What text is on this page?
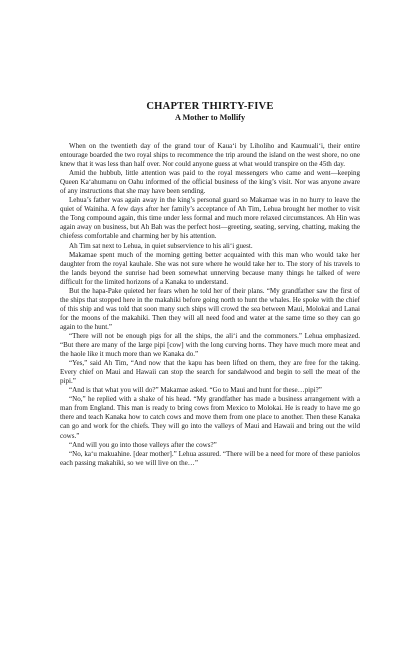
CHAPTER THIRTY-FIVE
A Mother to Mollify

When on the twentieth day of the grand tour of Kaua‘i by Liholiho and Kaumuali‘i, their entire entourage boarded the two royal ships to recommence the trip around the island on the west shore, no one knew that it was less than half over. Nor could anyone guess at what would transpire on the 45th day.

Amid the hubbub, little attention was paid to the royal messengers who came and went—keeping Queen Ka‘ahumanu on Oahu informed of the official business of the king’s visit. Nor was anyone aware of any instructions that she may have been sending.

Lehua’s father was again away in the king’s personal guard so Makamae was in no hurry to leave the quiet of Wainiha. A few days after her family’s acceptance of Ah Tim, Lehua brought her mother to visit the Tong compound again, this time under less formal and much more relaxed circumstances. Ah Hin was again away on business, but Ah Bah was the perfect host—greeting, seating, serving, chatting, making the chiefess comfortable and charming her by his attention.

Ah Tim sat next to Lehua, in quiet subservience to his ali‘i guest.

Makamae spent much of the morning getting better acquainted with this man who would take her daughter from the royal kauhale. She was not sure where he would take her to. The story of his travels to the lands beyond the sunrise had been somewhat unnerving because many things he talked of were difficult for the limited horizons of a Kanaka to understand.

But the hapa-Pake quieted her fears when he told her of their plans. “My grandfather saw the first of the ships that stopped here in the makahiki before going north to hunt the whales. He spoke with the chief of this ship and was told that soon many such ships will crowd the sea between Maui, Molokai and Lanai for the moons of the makahiki. Then they will all need food and water at the same time so they can go again to the hunt.”

“There will not be enough pigs for all the ships, the ali‘i and the commoners.” Lehua emphasized. “But there are many of the large pipi [cow] with the long curving horns. They have much more meat and the haole like it much more than we Kanaka do.”

“Yes,” said Ah Tim, “And now that the kapu has been lifted on them, they are free for the taking. Every chief on Maui and Hawaii can stop the search for sandalwood and begin to sell the meat of the pipi.”

“And is that what you will do?” Makamae asked. “Go to Maui and hunt for these…pipi?”

“No,” he replied with a shake of his head. “My grandfather has made a business arrangement with a man from England. This man is ready to bring cows from Mexico to Molokai. He is ready to have me go there and teach Kanaka how to catch cows and move them from one place to another. Then these Kanaka can go and work for the chiefs. They will go into the valleys of Maui and Hawaii and bring out the wild cows.”

“And will you go into those valleys after the cows?”

“No, ka‘u makuahine. [dear mother].” Lehua assured. “There will be a need for more of these paniolos each passing makahiki, so we will live on the…”
